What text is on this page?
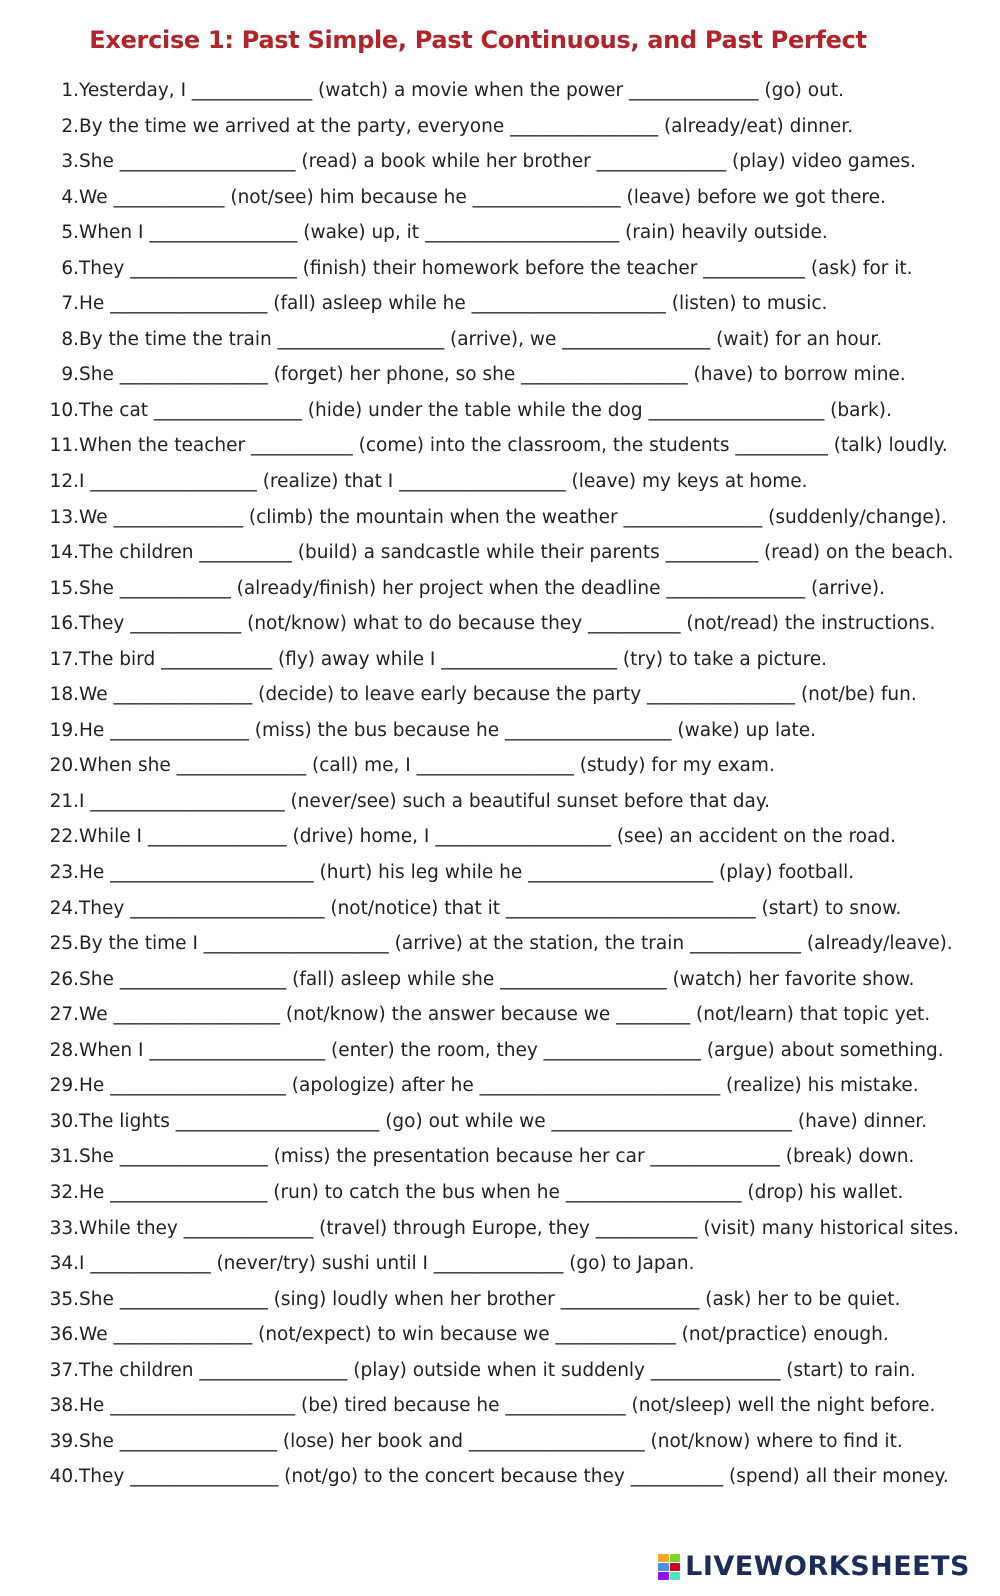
Exercise 1: Past Simple, Past Continuous, and Past Perfect
1. Yesterday, I _____________ (watch) a movie when the power ______________ (go) out.
2. By the time we arrived at the party, everyone ________________ (already/eat) dinner.
3. She ___________________ (read) a book while her brother ______________ (play) video games.
4. We ____________ (not/see) him because he ________________ (leave) before we got there.
5. When I ________________ (wake) up, it _____________________ (rain) heavily outside.
6. They __________________ (finish) their homework before the teacher ___________ (ask) for it.
7. He _________________ (fall) asleep while he _____________________ (listen) to music.
8. By the time the train __________________ (arrive), we ________________ (wait) for an hour.
9. She ________________ (forget) her phone, so she __________________ (have) to borrow mine.
10. The cat ________________ (hide) under the table while the dog ___________________ (bark).
11. When the teacher ___________ (come) into the classroom, the students __________ (talk) loudly.
12. I __________________ (realize) that I __________________ (leave) my keys at home.
13. We ______________ (climb) the mountain when the weather _______________ (suddenly/change).
14. The children __________ (build) a sandcastle while their parents __________ (read) on the beach.
15. She ____________ (already/finish) her project when the deadline _______________ (arrive).
16. They ____________ (not/know) what to do because they __________ (not/read) the instructions.
17. The bird ____________ (fly) away while I ___________________ (try) to take a picture.
18. We _______________ (decide) to leave early because the party ________________ (not/be) fun.
19. He _______________ (miss) the bus because he __________________ (wake) up late.
20. When she ______________ (call) me, I _________________ (study) for my exam.
21. I _____________________ (never/see) such a beautiful sunset before that day.
22. While I _______________ (drive) home, I ___________________ (see) an accident on the road.
23. He ______________________ (hurt) his leg while he ____________________ (play) football.
24. They _____________________ (not/notice) that it ___________________________ (start) to snow.
25. By the time I ____________________ (arrive) at the station, the train ____________ (already/leave).
26. She __________________ (fall) asleep while she __________________ (watch) her favorite show.
27. We __________________ (not/know) the answer because we ________ (not/learn) that topic yet.
28. When I ___________________ (enter) the room, they _________________ (argue) about something.
29. He ___________________ (apologize) after he __________________________ (realize) his mistake.
30. The lights ______________________ (go) out while we __________________________ (have) dinner.
31. She ________________ (miss) the presentation because her car ______________ (break) down.
32. He _________________ (run) to catch the bus when he ___________________ (drop) his wallet.
33. While they ______________ (travel) through Europe, they ___________ (visit) many historical sites.
34. I _____________ (never/try) sushi until I ______________ (go) to Japan.
35. She ________________ (sing) loudly when her brother _______________ (ask) her to be quiet.
36. We _______________ (not/expect) to win because we _____________ (not/practice) enough.
37. The children ________________ (play) outside when it suddenly ______________ (start) to rain.
38. He ____________________ (be) tired because he _____________ (not/sleep) well the night before.
39. She _________________ (lose) her book and ___________________ (not/know) where to find it.
40. They ________________ (not/go) to the concert because they __________ (spend) all their money.
LIVEWORKSHEETS
